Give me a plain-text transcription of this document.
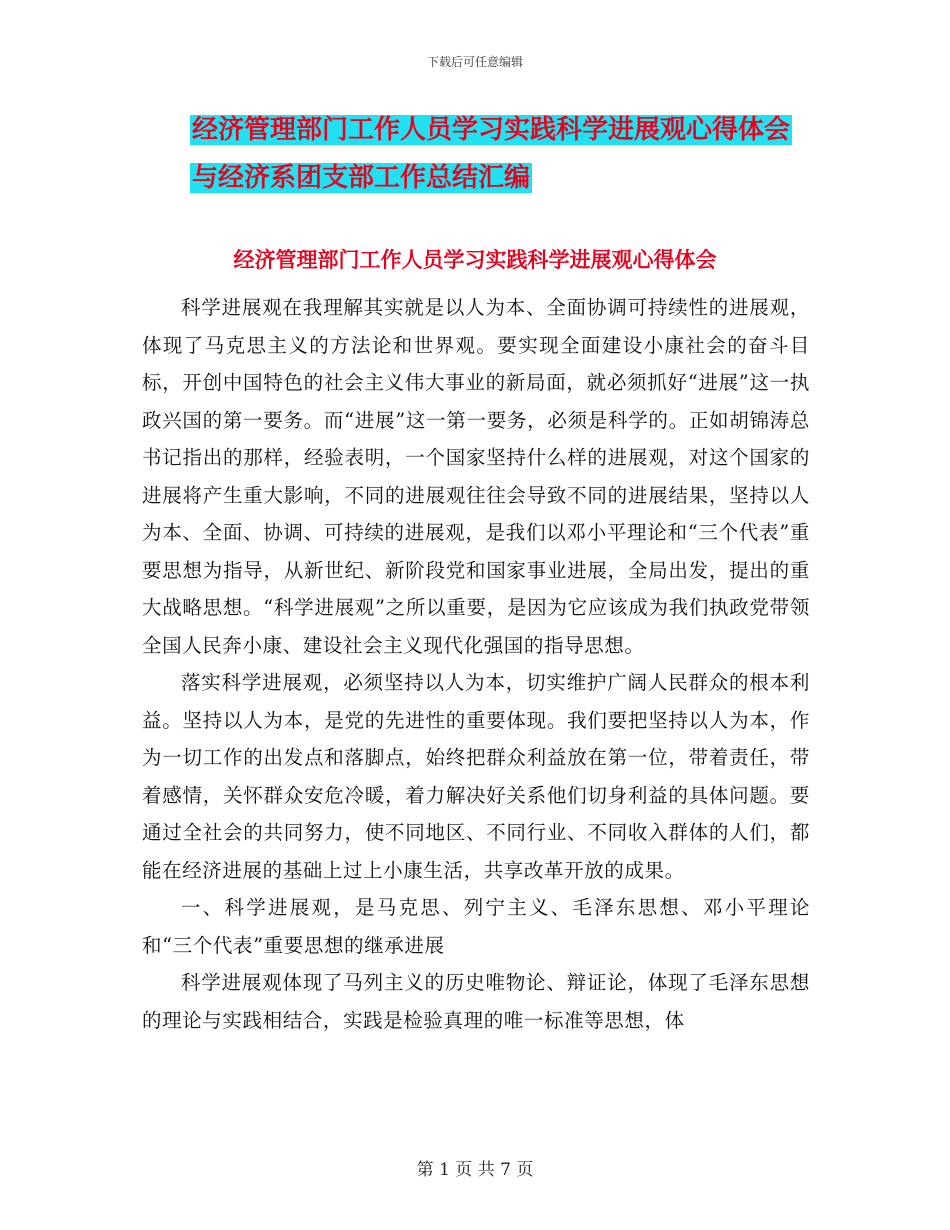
下载后可任意编辑
经济管理部门工作人员学习实践科学进展观心得体会
与经济系团支部工作总结汇编
经济管理部门工作人员学习实践科学进展观心得体会

科学进展观在我理解其实就是以人为本、全面协调可持续性的进展观，体现了马克思主义的方法论和世界观。要实现全面建设小康社会的奋斗目标，开创中国特色的社会主义伟大事业的新局面，就必须抓好“进展”这一执政兴国的第一要务。而“进展”这一第一要务，必须是科学的。正如胡锦涛总书记指出的那样，经验表明，一个国家坚持什么样的进展观，对这个国家的进展将产生重大影响，不同的进展观往往会导致不同的进展结果，坚持以人为本、全面、协调、可持续的进展观，是我们以邓小平理论和“三个代表”重要思想为指导，从新世纪、新阶段党和国家事业进展，全局出发，提出的重大战略思想。“科学进展观”之所以重要，是因为它应该成为我们执政党带领全国人民奔小康、建设社会主义现代化强国的指导思想。

落实科学进展观，必须坚持以人为本，切实维护广阔人民群众的根本利益。坚持以人为本，是党的先进性的重要体现。我们要把坚持以人为本，作为一切工作的出发点和落脚点，始终把群众利益放在第一位，带着责任，带着感情，关怀群众安危冷暖，着力解决好关系他们切身利益的具体问题。要通过全社会的共同努力，使不同地区、不同行业、不同收入群体的人们，都能在经济进展的基础上过上小康生活，共享改革开放的成果。

一、科学进展观，是马克思、列宁主义、毛泽东思想、邓小平理论和“三个代表”重要思想的继承进展

科学进展观体现了马列主义的历史唯物论、辩证论，体现了毛泽东思想的理论与实践相结合，实践是检验真理的唯一标准等思想，体

第 1 页 共 7 页
